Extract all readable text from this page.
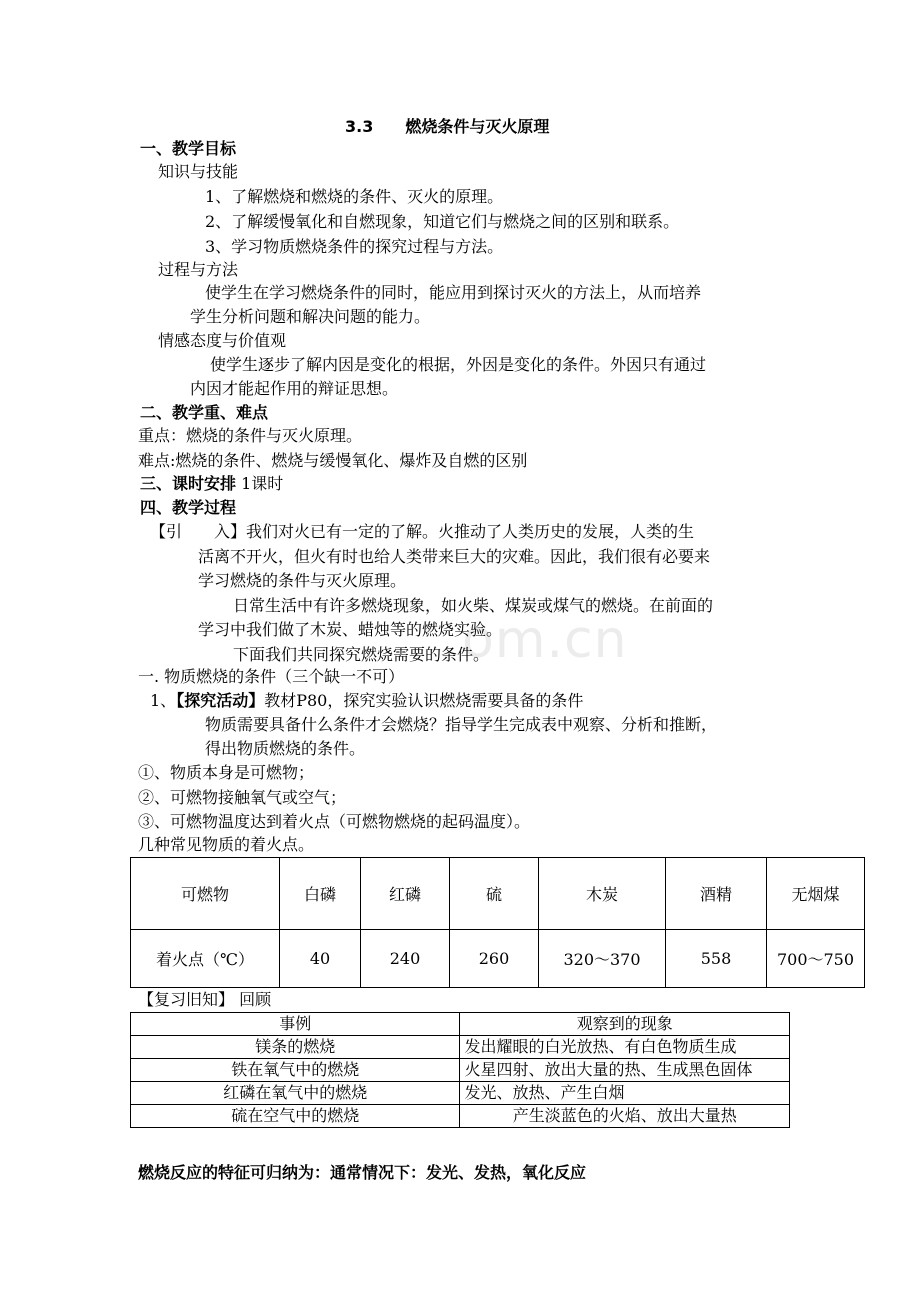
om.cn
3.3　　燃烧条件与灭火原理
一、教学目标
知识与技能
1、了解燃烧和燃烧的条件、灭火的原理。
2、了解缓慢氧化和自燃现象，知道它们与燃烧之间的区别和联系。
3、学习物质燃烧条件的探究过程与方法。
过程与方法
使学生在学习燃烧条件的同时，能应用到探讨灭火的方法上，从而培养
学生分析问题和解决问题的能力。
情感态度与价值观
使学生逐步了解内因是变化的根据，外因是变化的条件。外因只有通过
内因才能起作用的辩证思想。
二、教学重、难点
重点：燃烧的条件与灭火原理。
难点:燃烧的条件、燃烧与缓慢氧化、爆炸及自燃的区别
三、课时安排 1课时
四、教学过程
【引　　入】我们对火已有一定的了解。火推动了人类历史的发展，人类的生
活离不开火，但火有时也给人类带来巨大的灾难。因此，我们很有必要来
学习燃烧的条件与灭火原理。
日常生活中有许多燃烧现象，如火柴、煤炭或煤气的燃烧。在前面的
学习中我们做了木炭、蜡烛等的燃烧实验。
下面我们共同探究燃烧需要的条件。
一. 物质燃烧的条件（三个缺一不可）
1、【探究活动】教材P80，探究实验认识燃烧需要具备的条件
物质需要具备什么条件才会燃烧？指导学生完成表中观察、分析和推断，
得出物质燃烧的条件。
①、物质本身是可燃物；
②、可燃物接触氧气或空气；
③、可燃物温度达到着火点（可燃物燃烧的起码温度）。
几种常见物质的着火点。
可燃物	白磷	红磷	硫	木炭	酒精	无烟煤
着火点（℃）	40	240	260	320～370	558	700～750
【复习旧知】 回顾
事例	观察到的现象
镁条的燃烧	发出耀眼的白光放热、有白色物质生成
铁在氧气中的燃烧	火星四射、放出大量的热、生成黑色固体
红磷在氧气中的燃烧	发光、放热、产生白烟
硫在空气中的燃烧	产生淡蓝色的火焰、放出大量热
燃烧反应的特征可归纳为：通常情况下：发光、发热，氧化反应
